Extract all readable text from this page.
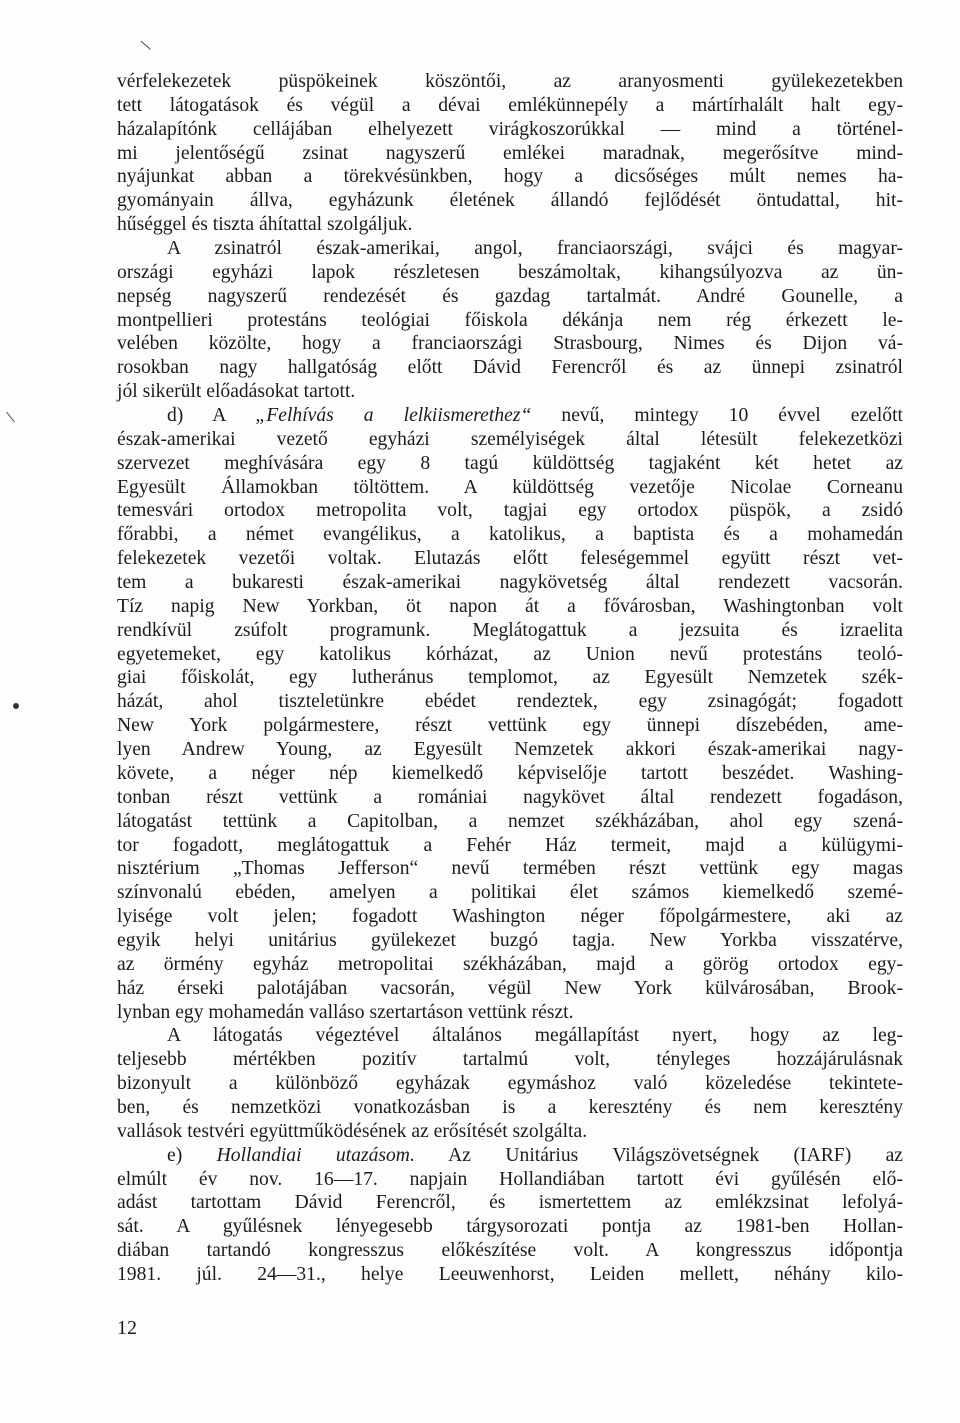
\
\
vérfelekezetek püspökeinek köszöntői, az aranyosmenti gyülekezetekben
tett látogatások és végül a dévai emlékünnepély a mártírhalált halt egy-
házalapítónk cellájában elhelyezett virágkoszorúkkal — mind a történel-
mi jelentőségű zsinat nagyszerű emlékei maradnak, megerősítve mind-
nyájunkat abban a törekvésünkben, hogy a dicsőséges múlt nemes ha-
gyományain állva, egyházunk életének állandó fejlődését öntudattal, hit-
hűséggel és tiszta áhítattal szolgáljuk.
A zsinatról észak-amerikai, angol, franciaországi, svájci és magyar-
országi egyházi lapok részletesen beszámoltak, kihangsúlyozva az ün-
nepség nagyszerű rendezését és gazdag tartalmát. André Gounelle, a
montpellieri protestáns teológiai főiskola dékánja nem rég érkezett le-
velében közölte, hogy a franciaországi Strasbourg, Nimes és Dijon vá-
rosokban nagy hallgatóság előtt Dávid Ferencről és az ünnepi zsinatról
jól sikerült előadásokat tartott.
d) A „Felhívás a lelkiismerethez“ nevű, mintegy 10 évvel ezelőtt
észak-amerikai vezető egyházi személyiségek által létesült felekezetközi
szervezet meghívására egy 8 tagú küldöttség tagjaként két hetet az
Egyesült Államokban töltöttem. A küldöttség vezetője Nicolae Corneanu
temesvári ortodox metropolita volt, tagjai egy ortodox püspök, a zsidó
főrabbi, a német evangélikus, a katolikus, a baptista és a mohamedán
felekezetek vezetői voltak. Elutazás előtt feleségemmel együtt részt vet-
tem a bukaresti észak-amerikai nagykövetség által rendezett vacsorán.
Tíz napig New Yorkban, öt napon át a fővárosban, Washingtonban volt
rendkívül zsúfolt programunk. Meglátogattuk a jezsuita és izraelita
egyetemeket, egy katolikus kórházat, az Union nevű protestáns teoló-
giai főiskolát, egy lutheránus templomot, az Egyesült Nemzetek szék-
házát, ahol tiszteletünkre ebédet rendeztek, egy zsinagógát; fogadott
New York polgármestere, részt vettünk egy ünnepi díszebéden, ame-
lyen Andrew Young, az Egyesült Nemzetek akkori észak-amerikai nagy-
követe, a néger nép kiemelkedő képviselője tartott beszédet. Washing-
tonban részt vettünk a romániai nagykövet által rendezett fogadáson,
látogatást tettünk a Capitolban, a nemzet székházában, ahol egy szená-
tor fogadott, meglátogattuk a Fehér Ház termeit, majd a külügymi-
nisztérium „Thomas Jefferson“ nevű termében részt vettünk egy magas
színvonalú ebéden, amelyen a politikai élet számos kiemelkedő szemé-
lyisége volt jelen; fogadott Washington néger főpolgármestere, aki az
egyik helyi unitárius gyülekezet buzgó tagja. New Yorkba visszatérve,
az örmény egyház metropolitai székházában, majd a görög ortodox egy-
ház érseki palotájában vacsorán, végül New York külvárosában, Brook-
lynban egy mohamedán valláso szertartáson vettünk részt.
A látogatás végeztével általános megállapítást nyert, hogy az leg-
teljesebb mértékben pozitív tartalmú volt, tényleges hozzájárulásnak
bizonyult a különböző egyházak egymáshoz való közeledése tekintete-
ben, és nemzetközi vonatkozásban is a keresztény és nem keresztény
vallások testvéri együttműködésének az erősítését szolgálta.
e) Hollandiai utazásom. Az Unitárius Világszövetségnek (IARF) az
elmúlt év nov. 16—17. napjain Hollandiában tartott évi gyűlésén elő-
adást tartottam Dávid Ferencről, és ismertettem az emlékzsinat lefolyá-
sát. A gyűlésnek lényegesebb tárgysorozati pontja az 1981-ben Hollan-
diában tartandó kongresszus előkészítése volt. A kongresszus időpontja
1981. júl. 24—31., helye Leeuwenhorst, Leiden mellett, néhány kilo-
12
